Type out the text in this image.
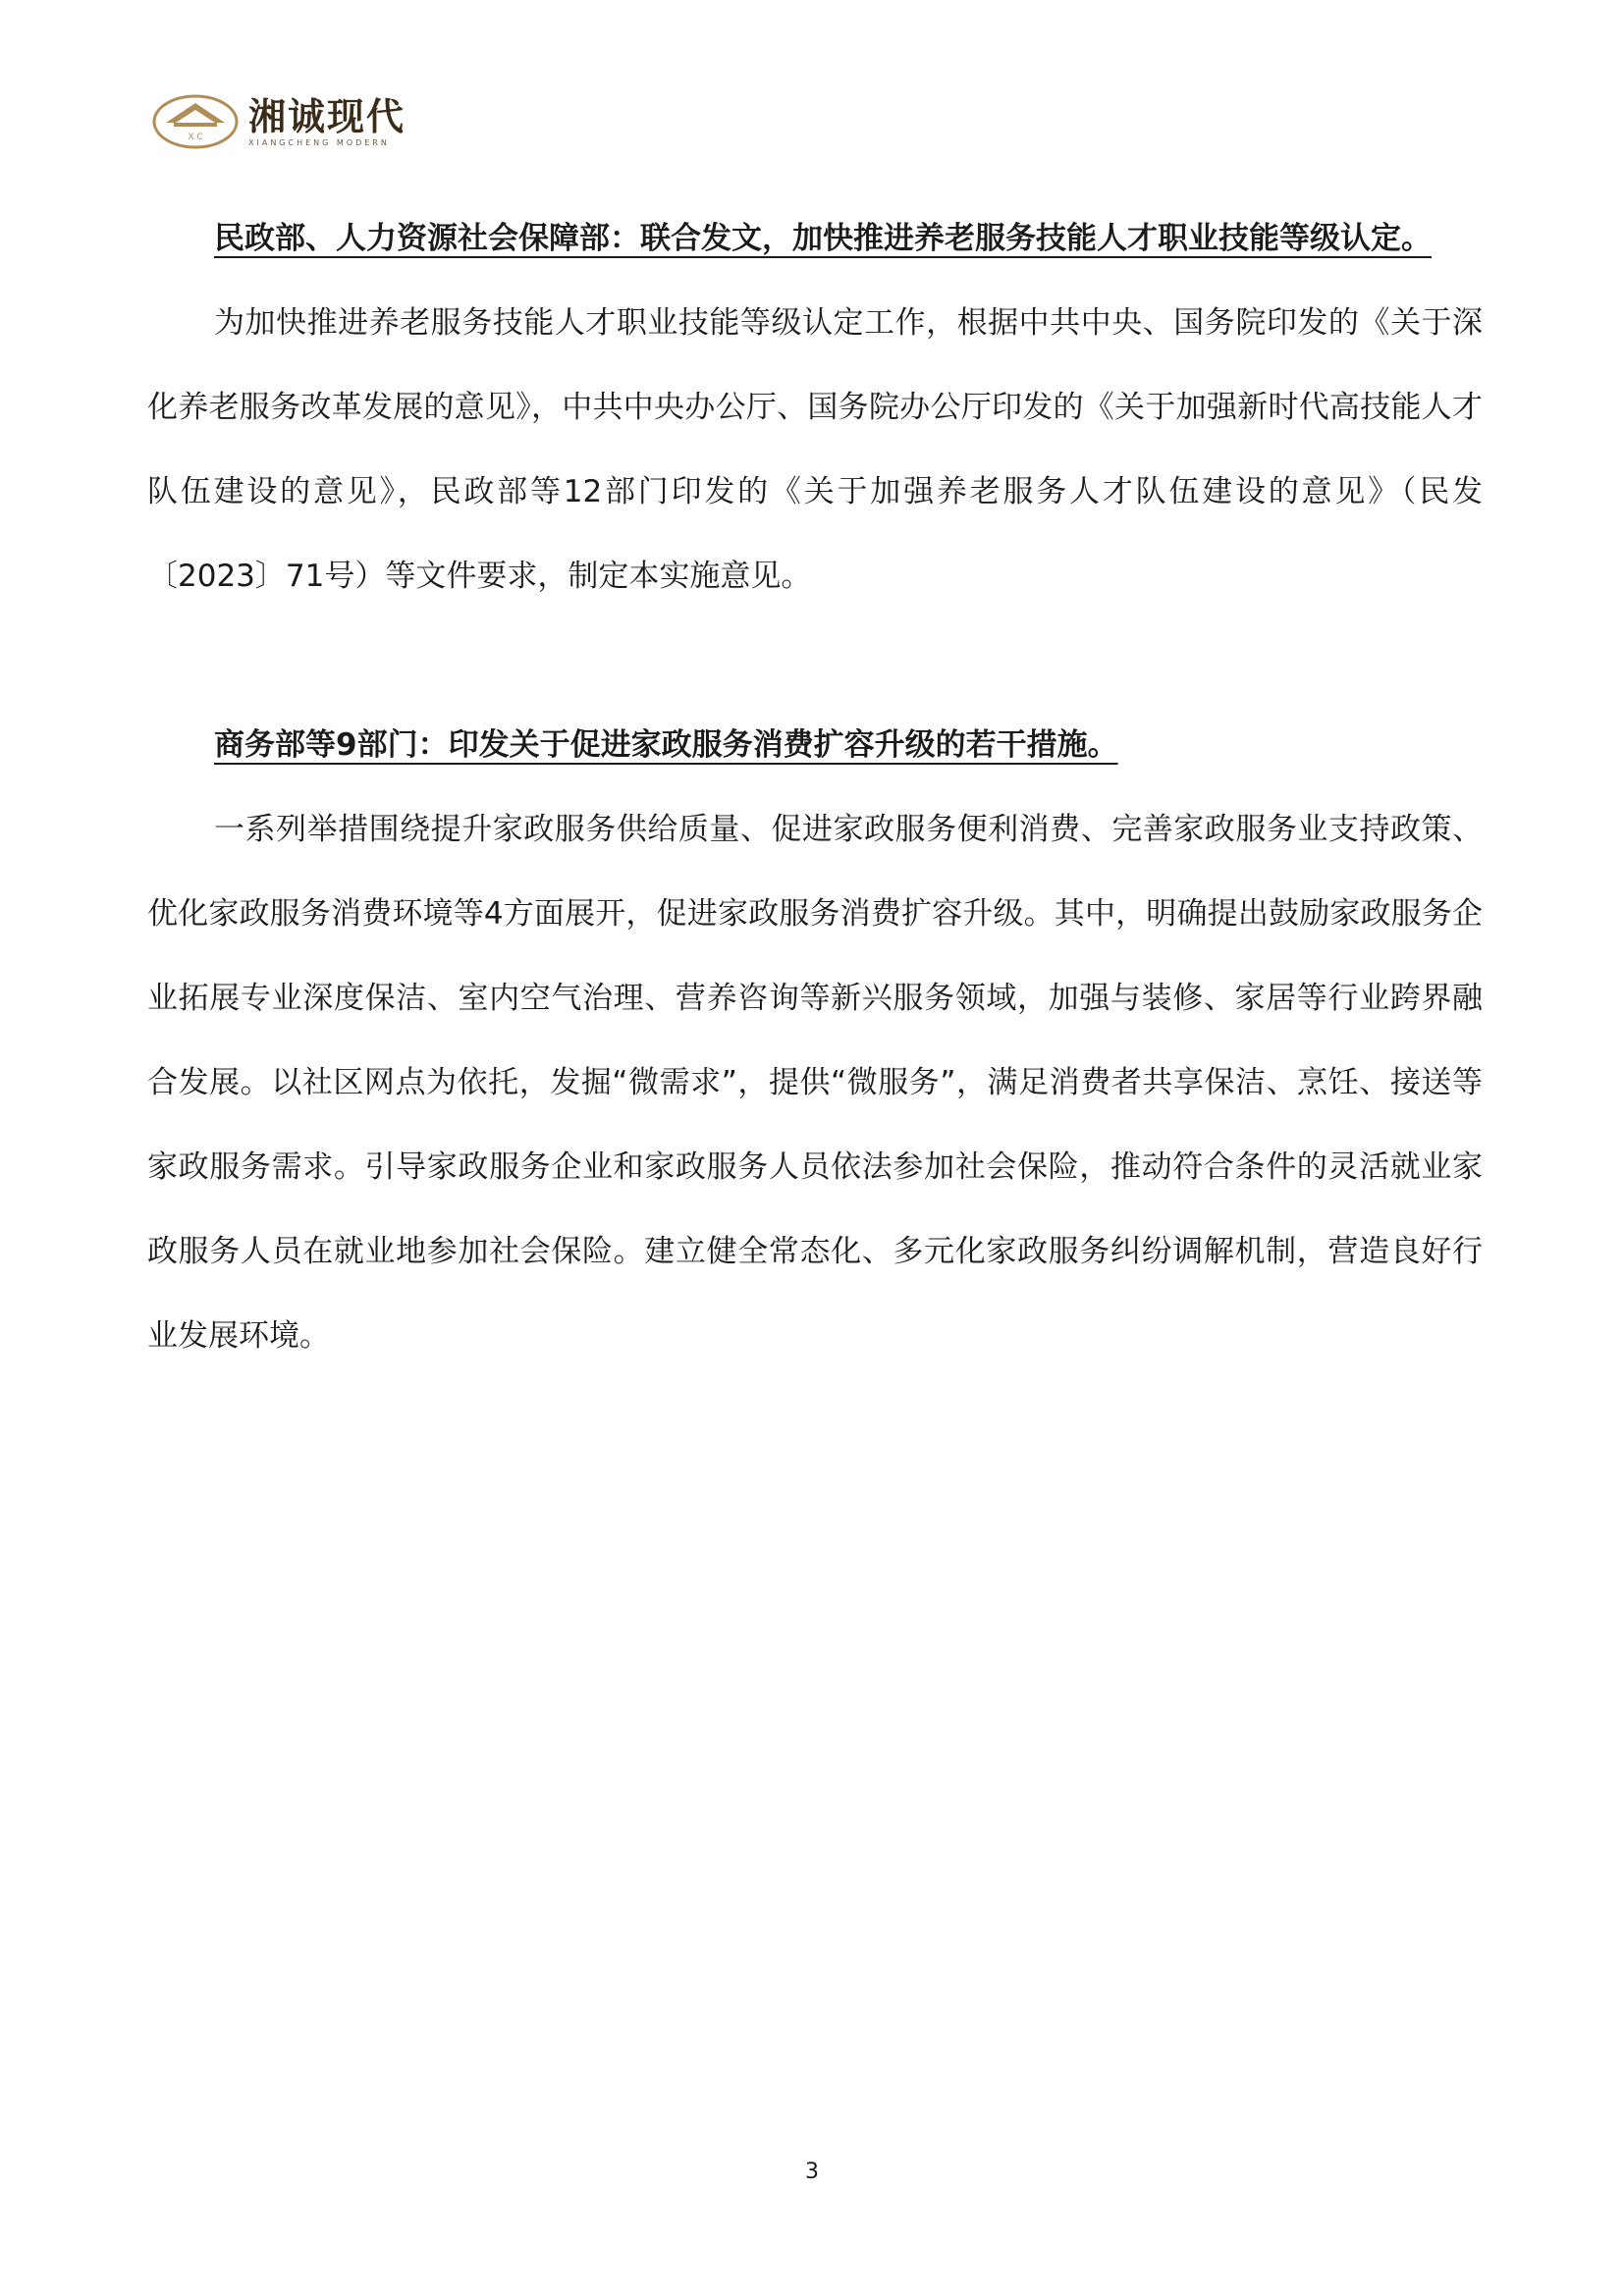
X C 湘诚现代
XIANGCHENG MODERN

民政部、人力资源社会保障部：联合发文，加快推进养老服务技能人才职业技能等级认定。

为加快推进养老服务技能人才职业技能等级认定工作，根据中共中央、国务院印发的《关于深化养老服务改革发展的意见》，中共中央办公厅、国务院办公厅印发的《关于加强新时代高技能人才队伍建设的意见》，民政部等12部门印发的《关于加强养老服务人才队伍建设的意见》（民发〔2023〕71号）等文件要求，制定本实施意见。

商务部等9部门：印发关于促进家政服务消费扩容升级的若干措施。

一系列举措围绕提升家政服务供给质量、促进家政服务便利消费、完善家政服务业支持政策、优化家政服务消费环境等4方面展开，促进家政服务消费扩容升级。其中，明确提出鼓励家政服务企业拓展专业深度保洁、室内空气治理、营养咨询等新兴服务领域，加强与装修、家居等行业跨界融合发展。以社区网点为依托，发掘“微需求”，提供“微服务”，满足消费者共享保洁、烹饪、接送等家政服务需求。引导家政服务企业和家政服务人员依法参加社会保险，推动符合条件的灵活就业家政服务人员在就业地参加社会保险。建立健全常态化、多元化家政服务纠纷调解机制，营造良好行业发展环境。

3
